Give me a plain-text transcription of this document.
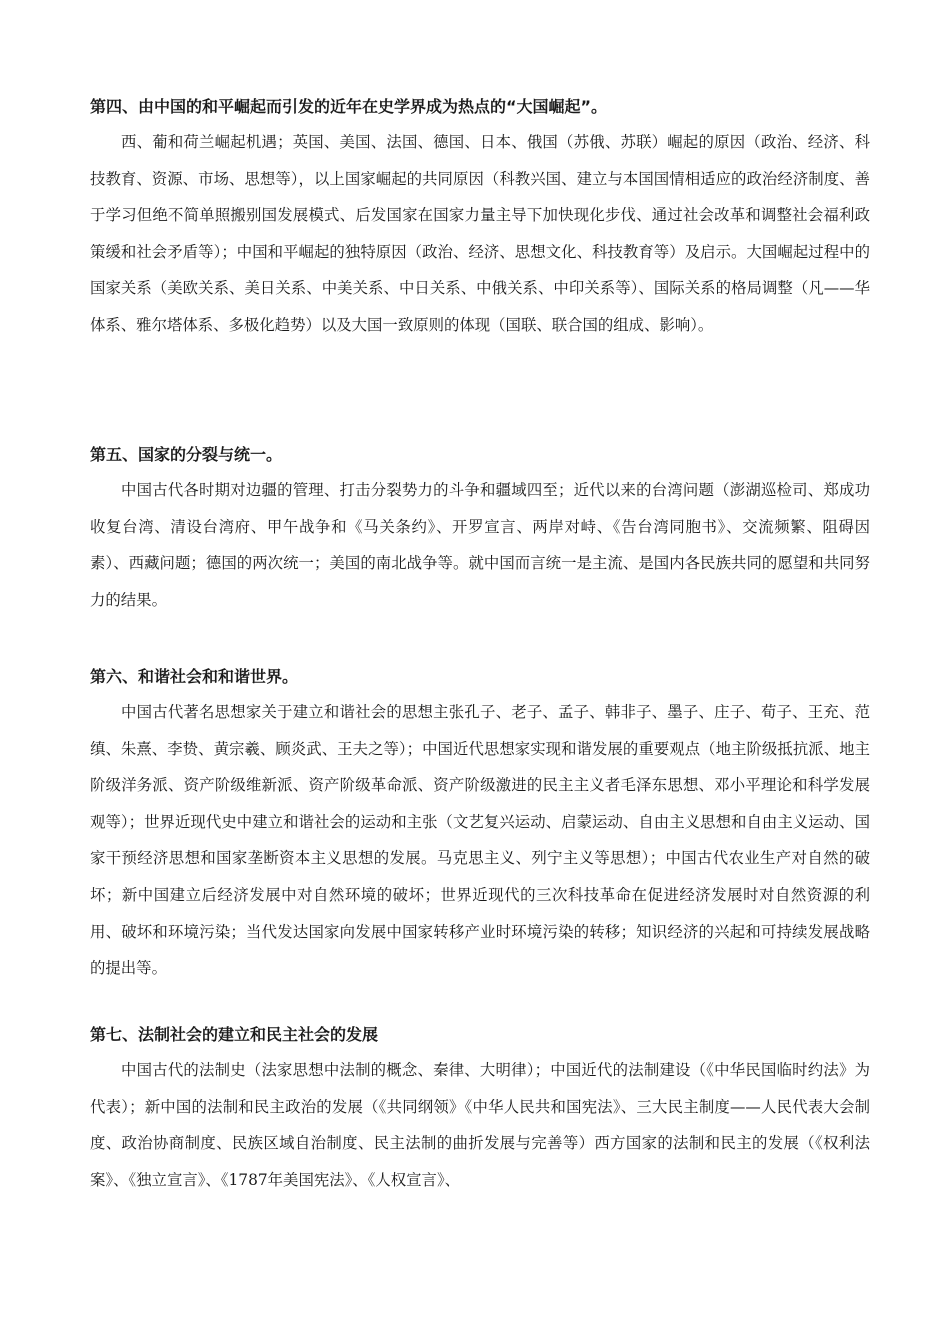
第四、由中国的和平崛起而引发的近年在史学界成为热点的“大国崛起”。

西、葡和荷兰崛起机遇；英国、美国、法国、德国、日本、俄国（苏俄、苏联）崛起的原因（政治、经济、科技教育、资源、市场、思想等），以上国家崛起的共同原因（科教兴国、建立与本国国情相适应的政治经济制度、善于学习但绝不简单照搬别国发展模式、后发国家在国家力量主导下加快现化步伐、通过社会改革和调整社会福利政策缓和社会矛盾等）；中国和平崛起的独特原因（政治、经济、思想文化、科技教育等）及启示。大国崛起过程中的国家关系（美欧关系、美日关系、中美关系、中日关系、中俄关系、中印关系等）、国际关系的格局调整（凡——华体系、雅尔塔体系、多极化趋势）以及大国一致原则的体现（国联、联合国的组成、影响）。

第五、国家的分裂与统一。

中国古代各时期对边疆的管理、打击分裂势力的斗争和疆域四至；近代以来的台湾问题（澎湖巡检司、郑成功收复台湾、清设台湾府、甲午战争和《马关条约》、开罗宣言、两岸对峙、《告台湾同胞书》、交流频繁、阻碍因素）、西藏问题；德国的两次统一；美国的南北战争等。就中国而言统一是主流、是国内各民族共同的愿望和共同努力的结果。

第六、和谐社会和和谐世界。

中国古代著名思想家关于建立和谐社会的思想主张孔子、老子、孟子、韩非子、墨子、庄子、荀子、王充、范缜、朱熹、李贽、黄宗羲、顾炎武、王夫之等）；中国近代思想家实现和谐发展的重要观点（地主阶级抵抗派、地主阶级洋务派、资产阶级维新派、资产阶级革命派、资产阶级激进的民主主义者毛泽东思想、邓小平理论和科学发展观等）；世界近现代史中建立和谐社会的运动和主张（文艺复兴运动、启蒙运动、自由主义思想和自由主义运动、国家干预经济思想和国家垄断资本主义思想的发展。马克思主义、列宁主义等思想）；中国古代农业生产对自然的破坏；新中国建立后经济发展中对自然环境的破坏；世界近现代的三次科技革命在促进经济发展时对自然资源的利用、破坏和环境污染；当代发达国家向发展中国家转移产业时环境污染的转移；知识经济的兴起和可持续发展战略的提出等。

第七、法制社会的建立和民主社会的发展

中国古代的法制史（法家思想中法制的概念、秦律、大明律）；中国近代的法制建设（《中华民国临时约法》为代表）；新中国的法制和民主政治的发展（《共同纲领》《中华人民共和国宪法》、三大民主制度——人民代表大会制度、政治协商制度、民族区域自治制度、民主法制的曲折发展与完善等）西方国家的法制和民主的发展（《权利法案》、《独立宣言》、《1787年美国宪法》、《人权宣言》、
